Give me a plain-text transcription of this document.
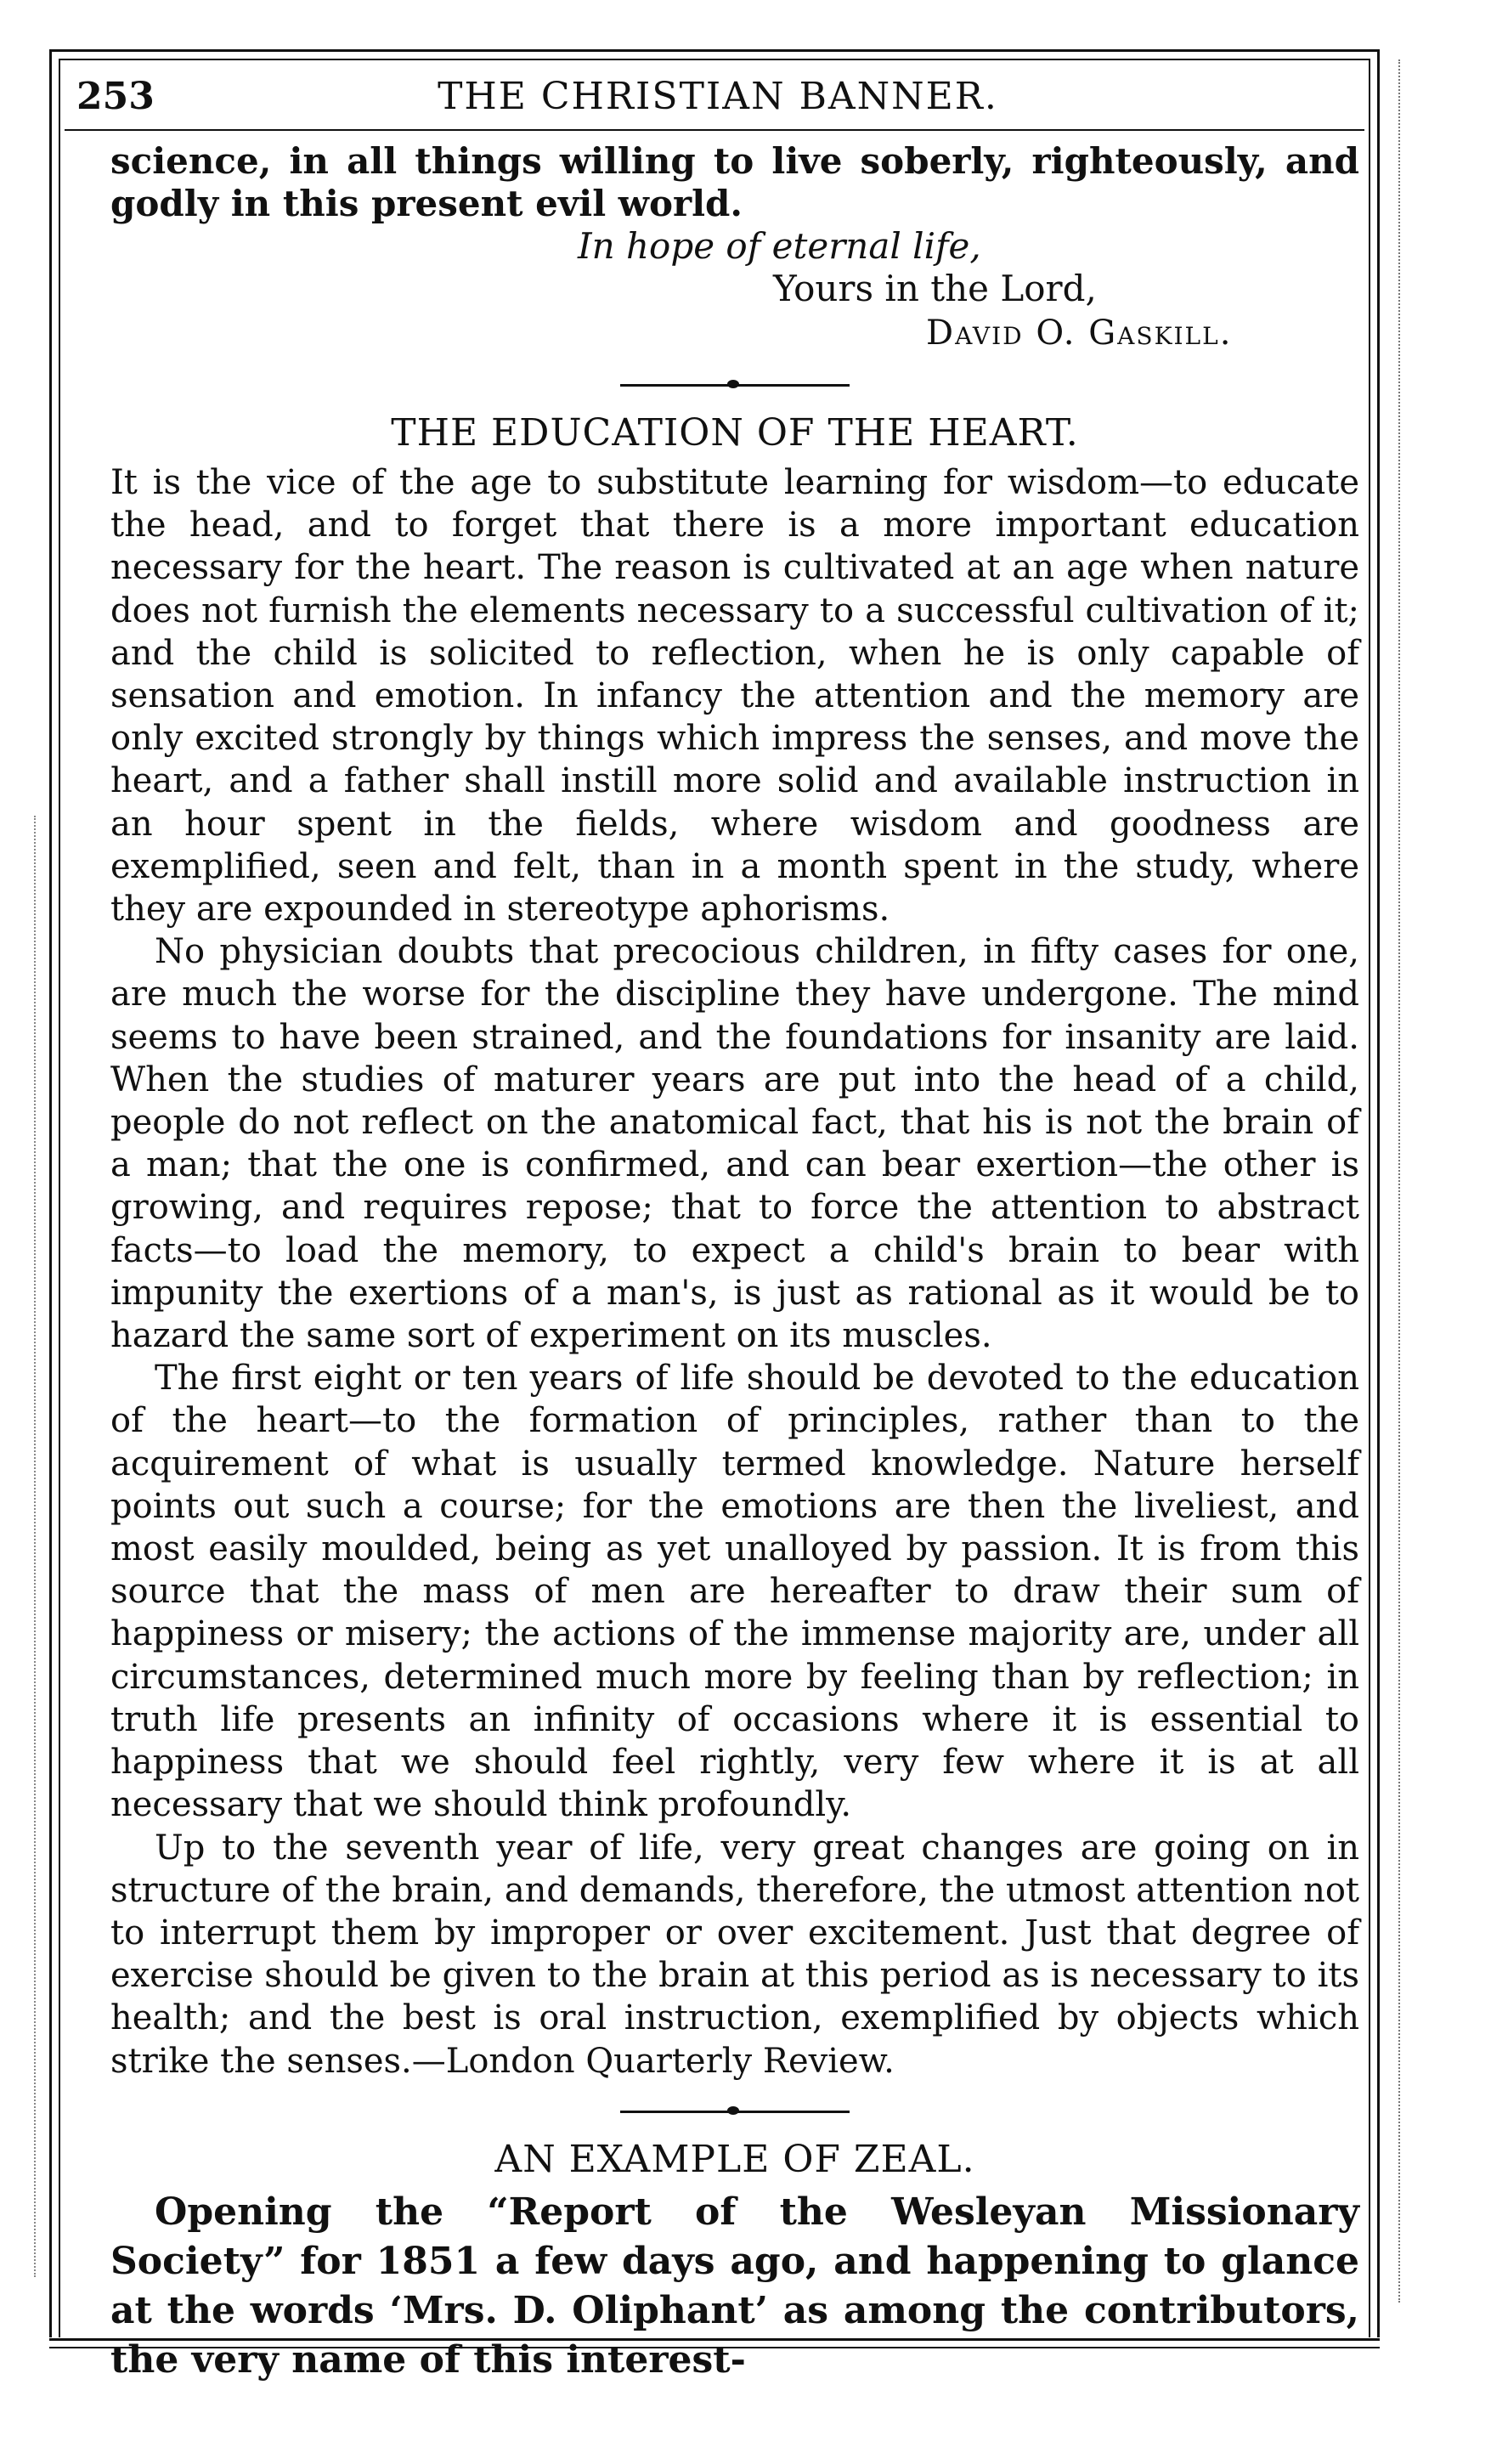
253	THE CHRISTIAN BANNER.

science, in all things willing to live soberly, righteously, and godly in this present evil world.

In hope of eternal life,
Yours in the Lord,
David O. Gaskill.
THE EDUCATION OF THE HEART.

It is the vice of the age to substitute learning for wisdom—to educate the head, and to forget that there is a more important education necessary for the heart. The reason is cultivated at an age when nature does not furnish the elements necessary to a successful cultivation of it; and the child is solicited to reflection, when he is only capable of sensation and emotion. In infancy the attention and the memory are only excited strongly by things which impress the senses, and move the heart, and a father shall instill more solid and available instruction in an hour spent in the fields, where wisdom and goodness are exemplified, seen and felt, than in a month spent in the study, where they are expounded in stereotype aphorisms.

No physician doubts that precocious children, in fifty cases for one, are much the worse for the discipline they have undergone. The mind seems to have been strained, and the foundations for insanity are laid. When the studies of maturer years are put into the head of a child, people do not reflect on the anatomical fact, that his is not the brain of a man; that the one is confirmed, and can bear exertion—the other is growing, and requires repose; that to force the attention to abstract facts—to load the memory, to expect a child's brain to bear with impunity the exertions of a man's, is just as rational as it would be to hazard the same sort of experiment on its muscles.

The first eight or ten years of life should be devoted to the education of the heart—to the formation of principles, rather than to the acquirement of what is usually termed knowledge. Nature herself points out such a course; for the emotions are then the liveliest, and most easily moulded, being as yet unalloyed by passion. It is from this source that the mass of men are hereafter to draw their sum of happiness or misery; the actions of the immense majority are, under all circumstances, determined much more by feeling than by reflection; in truth life presents an infinity of occasions where it is essential to happiness that we should feel rightly, very few where it is at all necessary that we should think profoundly.

Up to the seventh year of life, very great changes are going on in structure of the brain, and demands, therefore, the utmost attention not to interrupt them by improper or over excitement. Just that degree of exercise should be given to the brain at this period as is necessary to its health; and the best is oral instruction, exemplified by objects which strike the senses.—London Quarterly Review.

AN EXAMPLE OF ZEAL.

Opening the “Report of the Wesleyan Missionary Society” for 1851 a few days ago, and happening to glance at the words ‘Mrs. D. Oliphant’ as among the contributors, the very name of this interest-
